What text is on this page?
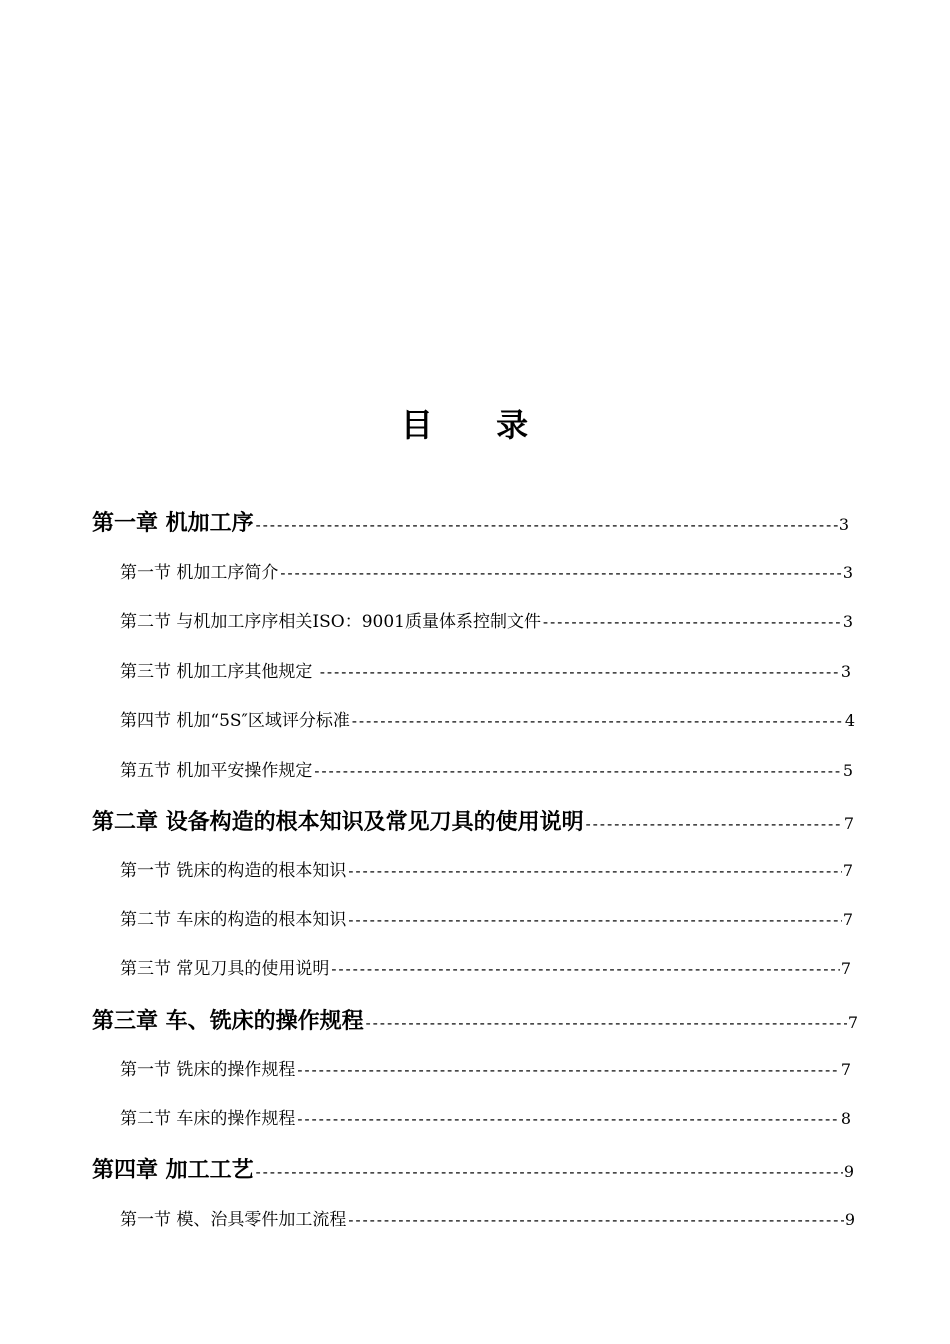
目 录
第一章 机加工序 -----	3
第一节 机加工序简介 -----	3
第二节 与机加工序序相关ISO：9001质量体系控制文件 -----	3
第三节 机加工序其他规定 -----	3
第四节 机加“5S″区域评分标准 -----	4
第五节 机加平安操作规定 -----	5
第二章 设备构造的根本知识及常见刀具的使用说明 -----	7
第一节 铣床的构造的根本知识 -----	7
第二节 车床的构造的根本知识 -----	7
第三节 常见刀具的使用说明 -----	7
第三章 车、铣床的操作规程 -----	7
第一节 铣床的操作规程 -----	7
第二节 车床的操作规程 -----	8
第四章 加工工艺 -----	9
第一节 模、治具零件加工流程 -----	9
